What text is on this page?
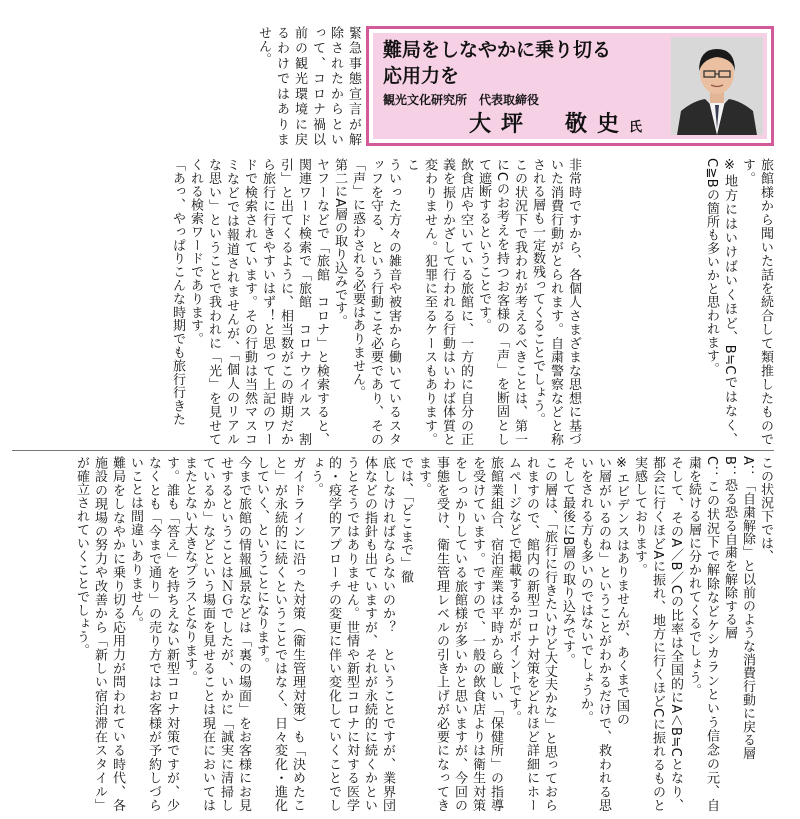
難局をしなやかに乗り切る
応用力を
観光文化研究所　代表取締役
大坪　敬史氏

旅館様から聞いた話を続合して類推したものです。

※地方にはいけばいくほど、B≒Cではなく、C≧Bの箇所も多いかと思われます。

緊急事態宣言が解除されたからといって、コロナ禍以前の観光環境に戻るわけではありません。

非常時ですから、各個人さまざまな思想に基づいた消費行動がとられます。自粛警察などと称される層も一定数残ってくることでしょう。

この状況下で我われが考えるべきことは、第一にCのお考えを持つお客様の「声」を断固として遮断するということです。

飲食店や空いている旅館に、一方的に自分の正義を振りかざして行われる行動はいわば体質と変わりません。犯罪に至るケースもあります。こ

ういった方々の雑音や被害から働いているスタッフを守る、という行動こそ必要であり、その「声」に惑わされる必要はありません。

第二にA層の取り込みです。

ヤフーなどで「旅館　コロナ」と検索すると、関連ワード検索で「旅館　コロナウイルス　割引」と出てくるように、相当数がこの時期だから旅行に行きやすいはず！と思って上記のワードで検索されています。その行動は当然マスコミなどでは報道されませんが、「個人のリアルな思い」ということで我われに「光」を見せてくれる検索ワードであります。

「あっ、やっぱりこんな時期でも旅行行きた

この状況下では、

A：「自粛解除」と以前のような消費行動に戻る層

B：恐る恐る自粛を解除する層

C：この状況下で解除などケシカランという信念の元、自粛を続ける層に分かれてくるでしょう。

そして、そのA／B／Cの比率は全国的にA＜B≒Cとなり、都会に行くほどAに振れ、地方に行くほどCに振れるものと実感しております。

※エビデンスはありませんが、あくまで国の

い層がいるのね」ということがわかるだけで、救われる思いをされる方も多いのではないでしょうか。

そして最後にB層の取り込みです。

この層は、「旅行に行きたいけど大丈夫かな」と思っておられますので、館内の新型コロナ対策をどれほど詳細にホームページなどで掲載するかがポイントです。

旅館業組合、宿泊産業は平時から厳しい「保健所」の指導を受けています。ですので、一般の飲食店よりは衛生対策をしっかりしている旅館様が多いかと思いますが、今回の事態を受け、衛生管理レベルの引き上げが必要になってきます。

では、「どこまで」徹

底しなければならないのか？　ということですが、業界団体などの指針も出ていますが、それが永続的に続くかというとそうではありません。世情や新型コロナに対する医学的・疫学的アプローチの変更に伴い変化していくことでしょう。

ガイドラインに沿った対策（衛生管理対策）も「決めたこと」が永続的に続くということではなく、日々変化・進化していく、ということになります。

今まで旅館の情報風景などは「裏の場面」をお客様にお見せするということはＮＧでしたが、いかに「誠実に清掃しているか」などという場面を見せることは現在においてはまたとない大きなプラスとなります。

す。誰も「答え」を持ちえない新型コロナ対策ですが、少なくとも「今まで通り」の売り方ではお客様が予約しづらいことは間違いありません。

難局をしなやかに乗り切る応用力が問われている時代、各施設の現場の努力や改善から「新しい宿泊滞在スタイル」が確立されていくことでしょう。
